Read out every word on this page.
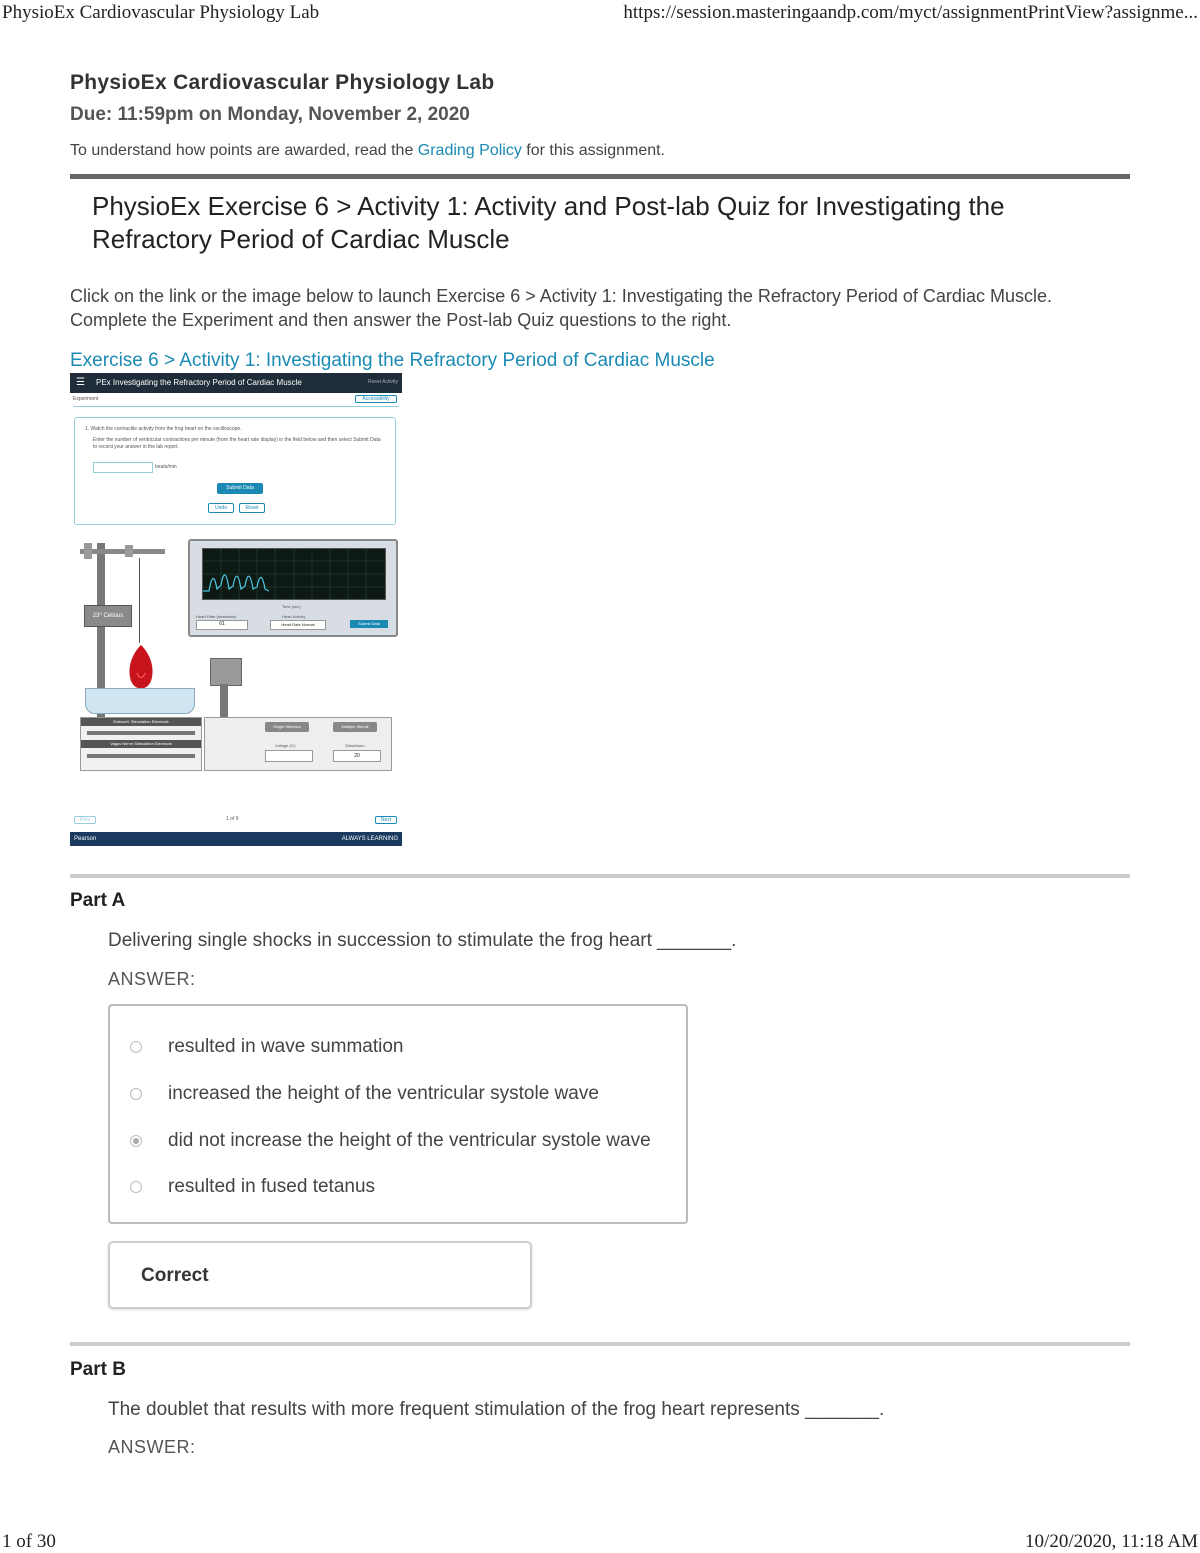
PhysioEx Cardiovascular Physiology Lab	https://session.masteringaandp.com/myct/assignmentPrintView?assignme...
PhysioEx Cardiovascular Physiology Lab
Due: 11:59pm on Monday, November 2, 2020
To understand how points are awarded, read the Grading Policy for this assignment.
PhysioEx Exercise 6 > Activity 1: Activity and Post-lab Quiz for Investigating the Refractory Period of Cardiac Muscle
Click on the link or the image below to launch Exercise 6 > Activity 1: Investigating the Refractory Period of Cardiac Muscle. Complete the Experiment and then answer the Post-lab Quiz questions to the right.
Exercise 6 > Activity 1: Investigating the Refractory Period of Cardiac Muscle
☰ PEx Investigating the Refractory Period of Cardiac Muscle	Reset Activity
Experiment	Accessibility
1. Watch the contractile activity from the frog heart on the oscilloscope.
Enter the number of ventricular contractions per minute (from the heart rate display) in the field below and then select Submit Data to record your answer in the lab report.
beats/min
Submit Data
Undo	Reset
23° Celsius
Extracell. Stimulation Electrode
Vagus Nerve Stimulation Electrode
Time (sec)
Heart Rate (beats/min)
61
Heart Activity
Heart Rate Normal	Submit Data
Single Stimulus	Multiple Stimuli
Voltage (V):	Stimuli/sec:
20
Prev	1 of 9	Next
Pearson	ALWAYS LEARNING
Part A
Delivering single shocks in succession to stimulate the frog heart _______.
ANSWER:
resulted in wave summation
increased the height of the ventricular systole wave
did not increase the height of the ventricular systole wave
resulted in fused tetanus
Correct
Part B
The doublet that results with more frequent stimulation of the frog heart represents _______.
ANSWER:
1 of 30	10/20/2020, 11:18 AM
